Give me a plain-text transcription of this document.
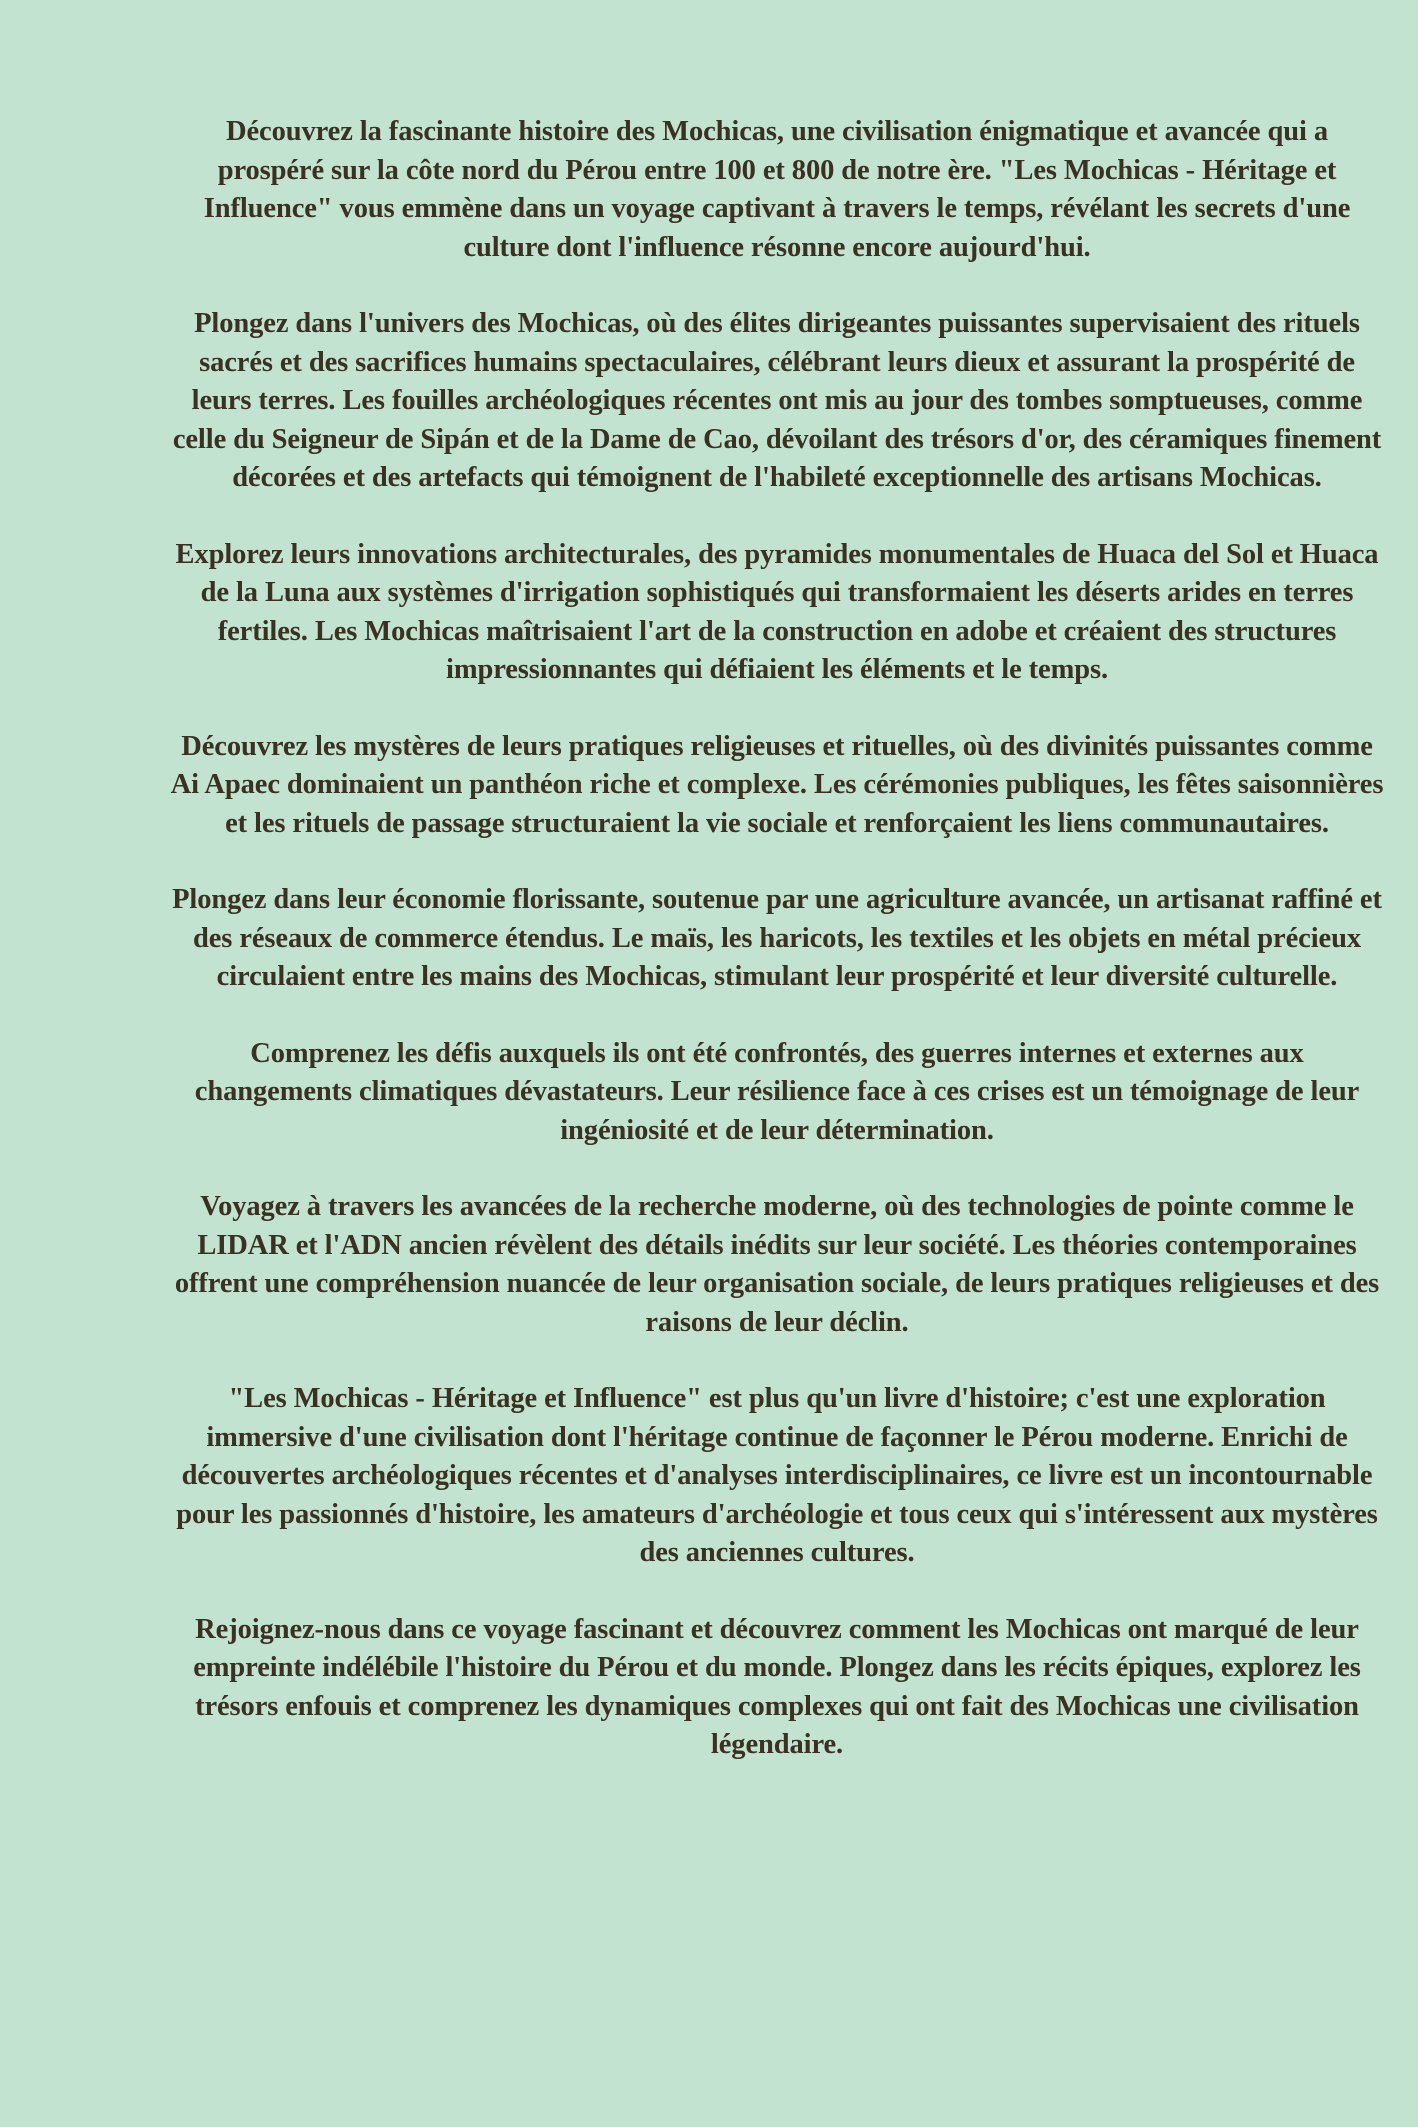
Découvrez la fascinante histoire des Mochicas, une civilisation énigmatique et avancée qui a prospéré sur la côte nord du Pérou entre 100 et 800 de notre ère. "Les Mochicas - Héritage et Influence" vous emmène dans un voyage captivant à travers le temps, révélant les secrets d'une culture dont l'influence résonne encore aujourd'hui.

Plongez dans l'univers des Mochicas, où des élites dirigeantes puissantes supervisaient des rituels sacrés et des sacrifices humains spectaculaires, célébrant leurs dieux et assurant la prospérité de leurs terres. Les fouilles archéologiques récentes ont mis au jour des tombes somptueuses, comme celle du Seigneur de Sipán et de la Dame de Cao, dévoilant des trésors d'or, des céramiques finement décorées et des artefacts qui témoignent de l'habileté exceptionnelle des artisans Mochicas.

Explorez leurs innovations architecturales, des pyramides monumentales de Huaca del Sol et Huaca de la Luna aux systèmes d'irrigation sophistiqués qui transformaient les déserts arides en terres fertiles. Les Mochicas maîtrisaient l'art de la construction en adobe et créaient des structures impressionnantes qui défiaient les éléments et le temps.

Découvrez les mystères de leurs pratiques religieuses et rituelles, où des divinités puissantes comme Ai Apaec dominaient un panthéon riche et complexe. Les cérémonies publiques, les fêtes saisonnières et les rituels de passage structuraient la vie sociale et renforçaient les liens communautaires.

Plongez dans leur économie florissante, soutenue par une agriculture avancée, un artisanat raffiné et des réseaux de commerce étendus. Le maïs, les haricots, les textiles et les objets en métal précieux circulaient entre les mains des Mochicas, stimulant leur prospérité et leur diversité culturelle.

Comprenez les défis auxquels ils ont été confrontés, des guerres internes et externes aux changements climatiques dévastateurs. Leur résilience face à ces crises est un témoignage de leur ingéniosité et de leur détermination.

Voyagez à travers les avancées de la recherche moderne, où des technologies de pointe comme le LIDAR et l'ADN ancien révèlent des détails inédits sur leur société. Les théories contemporaines offrent une compréhension nuancée de leur organisation sociale, de leurs pratiques religieuses et des raisons de leur déclin.

"Les Mochicas - Héritage et Influence" est plus qu'un livre d'histoire; c'est une exploration immersive d'une civilisation dont l'héritage continue de façonner le Pérou moderne. Enrichi de découvertes archéologiques récentes et d'analyses interdisciplinaires, ce livre est un incontournable pour les passionnés d'histoire, les amateurs d'archéologie et tous ceux qui s'intéressent aux mystères des anciennes cultures.

Rejoignez-nous dans ce voyage fascinant et découvrez comment les Mochicas ont marqué de leur empreinte indélébile l'histoire du Pérou et du monde. Plongez dans les récits épiques, explorez les trésors enfouis et comprenez les dynamiques complexes qui ont fait des Mochicas une civilisation légendaire.
